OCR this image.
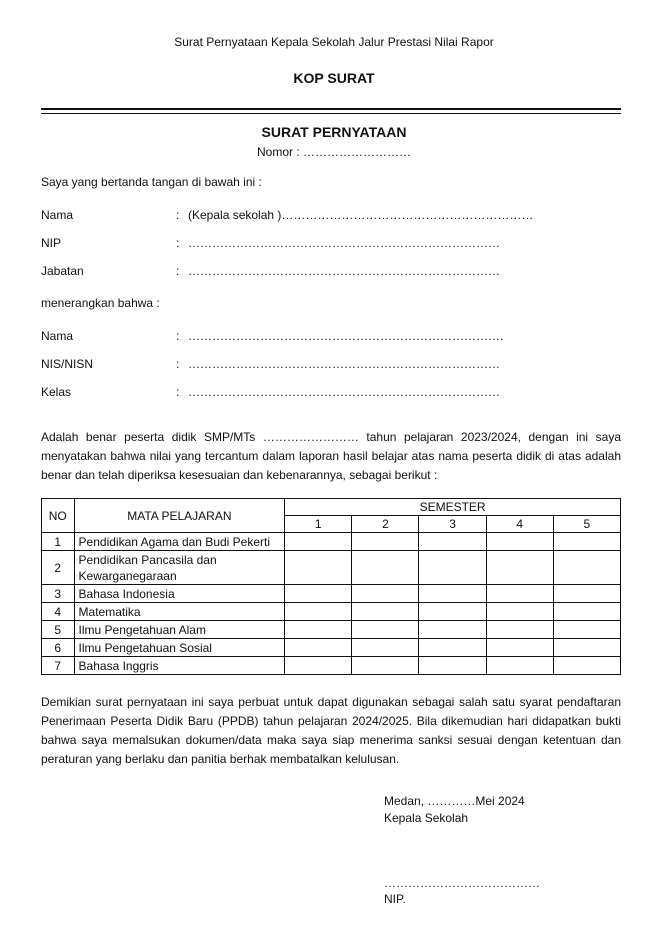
Surat Pernyataan Kepala Sekolah Jalur Prestasi Nilai Rapor
KOP SURAT
SURAT PERNYATAAN
Nomor : ………………………
Saya yang bertanda tangan di bawah ini :
Nama	: (Kepala sekolah )………………………………………………………
NIP	: ……………………………………………………………………
Jabatan	: ……………………………………………………………………
menerangkan bahwa :
Nama	: …………………………………………………………………….
NIS/NISN	: ……………………………………………………………………
Kelas	: ……………………………………………………………………

Adalah benar peserta didik SMP/MTs …………………… tahun pelajaran 2023/2024, dengan ini saya menyatakan bahwa nilai yang tercantum dalam laporan hasil belajar atas nama peserta didik di atas adalah benar dan telah diperiksa kesesuaian dan kebenarannya, sebagai berikut :

NO	MATA PELAJARAN	SEMESTER				
		1	2	3	4	5
1	Pendidikan Agama dan Budi Pekerti					
2	Pendidikan Pancasila dan Kewarganegaraan					
3	Bahasa Indonesia					
4	Matematika					
5	Ilmu Pengetahuan Alam					
6	Ilmu Pengetahuan Sosial					
7	Bahasa Inggris					

Demikian surat pernyataan ini saya perbuat untuk dapat digunakan sebagai salah satu syarat pendaftaran Penerimaan Peserta Didik Baru (PPDB) tahun pelajaran 2024/2025. Bila dikemudian hari didapatkan bukti bahwa saya memalsukan dokumen/data maka saya siap menerima sanksi sesuai dengan ketentuan dan peraturan yang berlaku dan panitia berhak membatalkan kelulusan.

Medan, …………Mei 2024
Kepala Sekolah
…………………………………
NIP.
